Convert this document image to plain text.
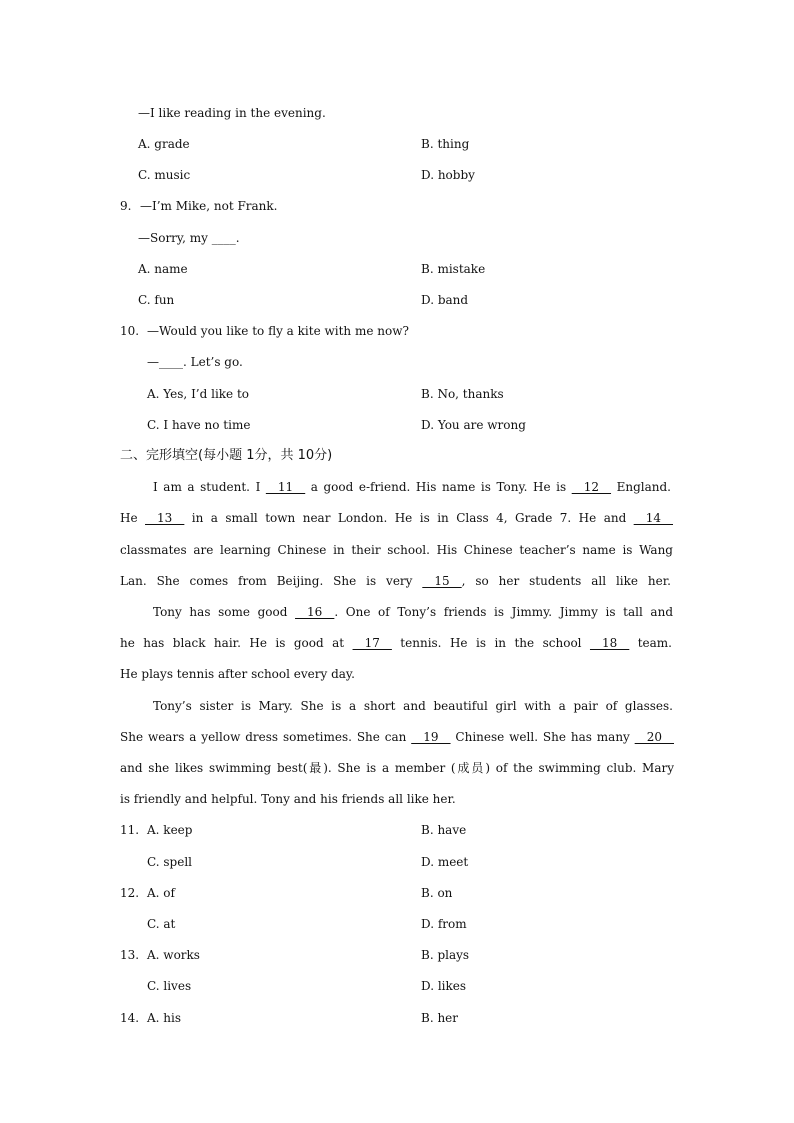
—I like reading in the evening.
A. grade	B. thing
C. music	D. hobby
9. —I’m Mike, not Frank.
—Sorry, my ____.
A. name	B. mistake
C. fun	D. band
10. —Would you like to fly a kite with me now?
—____. Let’s go.
A. Yes, I’d like to	B. No, thanks
C. I have no time	D. You are wrong
二、完形填空(每小题 1分，共 10分)
I am a student. I __11__ a good e-friend. His name is Tony. He is __12__ England.
He __13__ in a small town near London. He is in Class 4, Grade 7. He and __14__
classmates are learning Chinese in their school. His Chinese teacher’s name is Wang
Lan. She comes from Beijing. She is very __15__, so her students all like her.
Tony has some good __16__. One of Tony’s friends is Jimmy. Jimmy is tall and
he has black hair. He is good at __17__ tennis. He is in the school __18__ team.
He plays tennis after school every day.
Tony’s sister is Mary. She is a short and beautiful girl with a pair of glasses.
She wears a yellow dress sometimes. She can __19__ Chinese well. She has many __20__
and she likes swimming best(最). She is a member (成员) of the swimming club. Mary
is friendly and helpful. Tony and his friends all like her.
11. A. keep	B. have
C. spell	D. meet
12. A. of	B. on
C. at	D. from
13. A. works	B. plays
C. lives	D. likes
14. A. his	B. her
